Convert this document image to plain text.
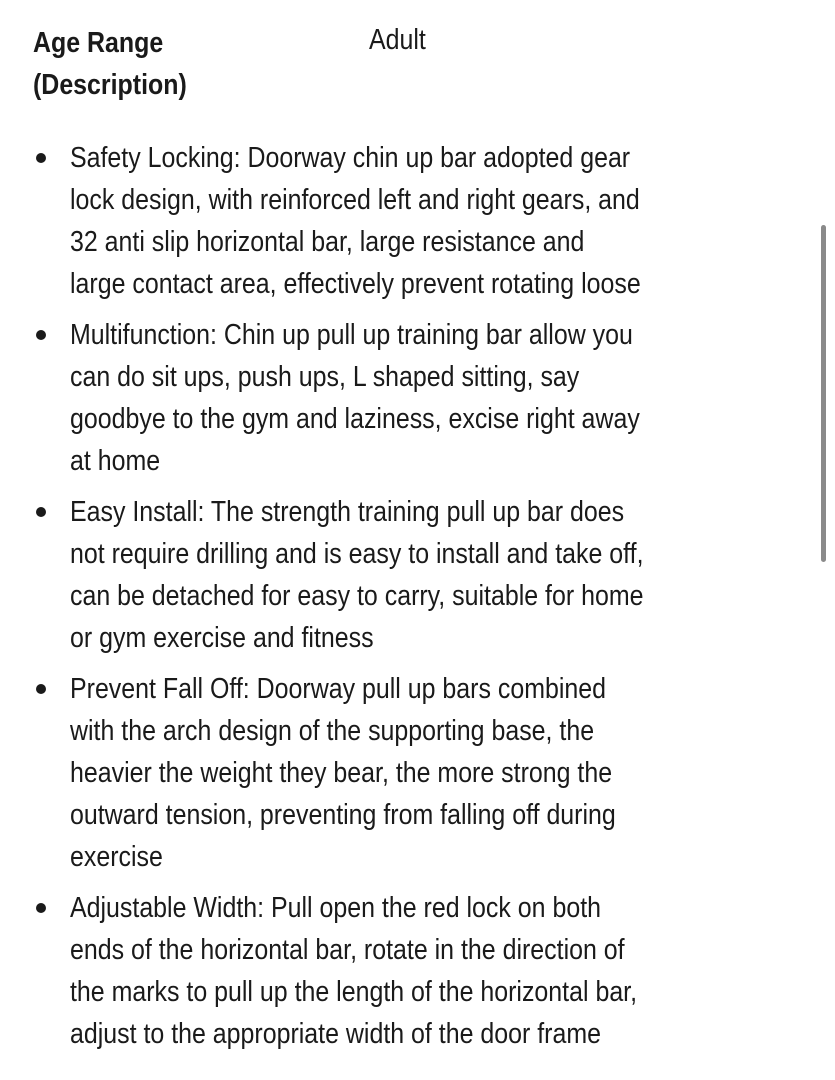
Age Range
(Description)
Adult
Safety Locking: Doorway chin up bar adopted gear
lock design, with reinforced left and right gears, and
32 anti slip horizontal bar, large resistance and
large contact area, effectively prevent rotating loose
Multifunction: Chin up pull up training bar allow you
can do sit ups, push ups, L shaped sitting, say
goodbye to the gym and laziness, excise right away
at home
Easy Install: The strength training pull up bar does
not require drilling and is easy to install and take off,
can be detached for easy to carry, suitable for home
or gym exercise and fitness
Prevent Fall Off: Doorway pull up bars combined
with the arch design of the supporting base, the
heavier the weight they bear, the more strong the
outward tension, preventing from falling off during
exercise
Adjustable Width: Pull open the red lock on both
ends of the horizontal bar, rotate in the direction of
the marks to pull up the length of the horizontal bar,
adjust to the appropriate width of the door frame
